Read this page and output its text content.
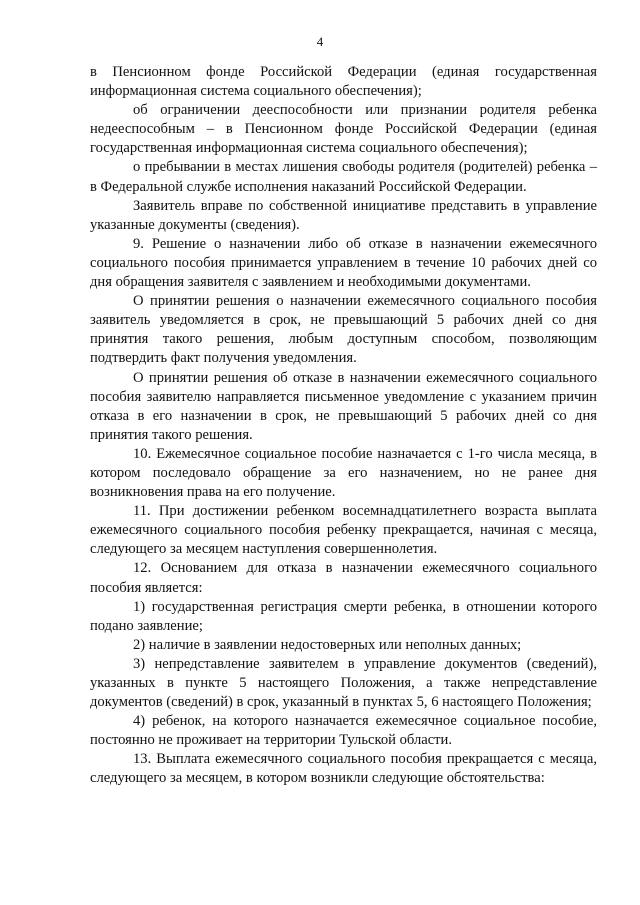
4

в Пенсионном фонде Российской Федерации (единая государственная информационная система социального обеспечения);

об ограничении дееспособности или признании родителя ребенка недееспособным – в Пенсионном фонде Российской Федерации (единая государственная информационная система социального обеспечения);

о пребывании в местах лишения свободы родителя (родителей) ребенка – в Федеральной службе исполнения наказаний Российской Федерации.

Заявитель вправе по собственной инициативе представить в управление указанные документы (сведения).

9. Решение о назначении либо об отказе в назначении ежемесячного социального пособия принимается управлением в течение 10 рабочих дней со дня обращения заявителя с заявлением и необходимыми документами.

О принятии решения о назначении ежемесячного социального пособия заявитель уведомляется в срок, не превышающий 5 рабочих дней со дня принятия такого решения, любым доступным способом, позволяющим подтвердить факт получения уведомления.

О принятии решения об отказе в назначении ежемесячного социального пособия заявителю направляется письменное уведомление с указанием причин отказа в его назначении в срок, не превышающий 5 рабочих дней со дня принятия такого решения.

10. Ежемесячное социальное пособие назначается с 1-го числа месяца, в котором последовало обращение за его назначением, но не ранее дня возникновения права на его получение.

11. При достижении ребенком восемнадцатилетнего возраста выплата ежемесячного социального пособия ребенку прекращается, начиная с месяца, следующего за месяцем наступления совершеннолетия.

12. Основанием для отказа в назначении ежемесячного социального пособия является:

1) государственная регистрация смерти ребенка, в отношении которого подано заявление;

2) наличие в заявлении недостоверных или неполных данных;

3) непредставление заявителем в управление документов (сведений), указанных в пункте 5 настоящего Положения, а также непредставление документов (сведений) в срок, указанный в пунктах 5, 6 настоящего Положения;

4) ребенок, на которого назначается ежемесячное социальное пособие, постоянно не проживает на территории Тульской области.

13. Выплата ежемесячного социального пособия прекращается с месяца, следующего за месяцем, в котором возникли следующие обстоятельства:
